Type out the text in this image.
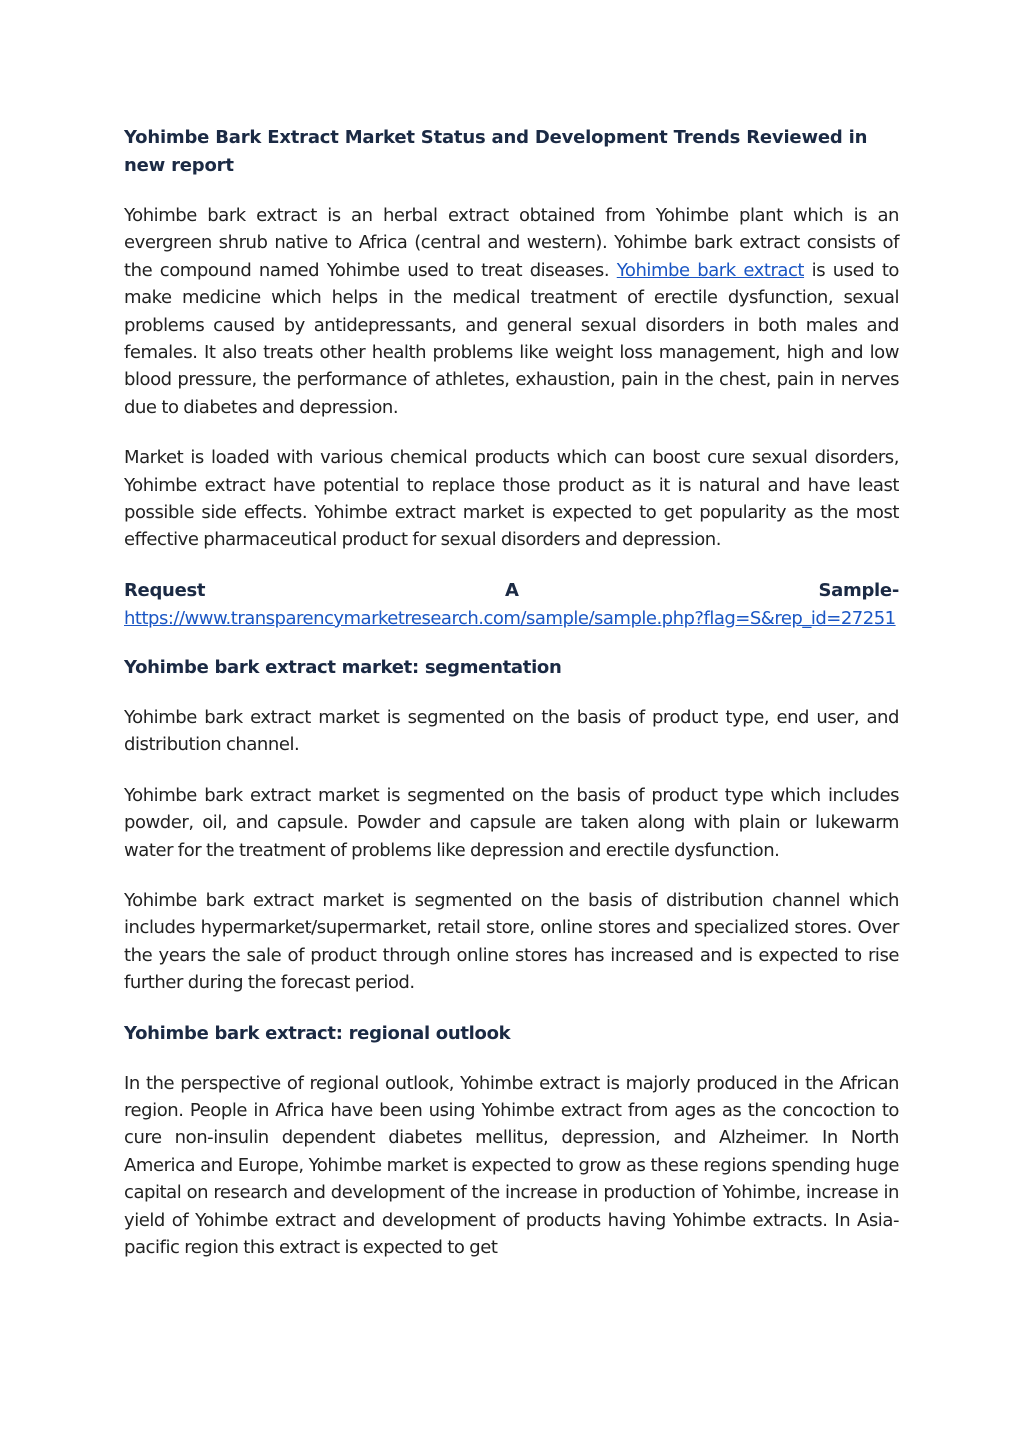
Yohimbe Bark Extract Market Status and Development Trends Reviewed in new report

Yohimbe bark extract is an herbal extract obtained from Yohimbe plant which is an evergreen shrub native to Africa (central and western). Yohimbe bark extract consists of the compound named Yohimbe used to treat diseases. Yohimbe bark extract is used to make medicine which helps in the medical treatment of erectile dysfunction, sexual problems caused by antidepressants, and general sexual disorders in both males and females. It also treats other health problems like weight loss management, high and low blood pressure, the performance of athletes, exhaustion, pain in the chest, pain in nerves due to diabetes and depression.

Market is loaded with various chemical products which can boost cure sexual disorders, Yohimbe extract have potential to replace those product as it is natural and have least possible side effects. Yohimbe extract market is expected to get popularity as the most effective pharmaceutical product for sexual disorders and depression.

Request	A	Sample-
https://www.transparencymarketresearch.com/sample/sample.php?flag=S&rep_id=27251
Yohimbe bark extract market: segmentation

Yohimbe bark extract market is segmented on the basis of product type, end user, and distribution channel.

Yohimbe bark extract market is segmented on the basis of product type which includes powder, oil, and capsule. Powder and capsule are taken along with plain or lukewarm water for the treatment of problems like depression and erectile dysfunction.

Yohimbe bark extract market is segmented on the basis of distribution channel which includes hypermarket/supermarket, retail store, online stores and specialized stores. Over the years the sale of product through online stores has increased and is expected to rise further during the forecast period.

Yohimbe bark extract: regional outlook

In the perspective of regional outlook, Yohimbe extract is majorly produced in the African region. People in Africa have been using Yohimbe extract from ages as the concoction to cure non-insulin dependent diabetes mellitus, depression, and Alzheimer. In North America and Europe, Yohimbe market is expected to grow as these regions spending huge capital on research and development of the increase in production of Yohimbe, increase in yield of Yohimbe extract and development of products having Yohimbe extracts. In Asia-pacific region this extract is expected to get
